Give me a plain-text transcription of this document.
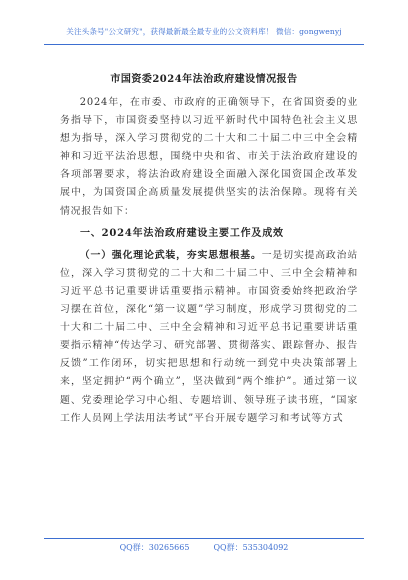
关注头条号"公文研究"，获得最新最全最专业的公文资料库！ 微信：gongwenyj
市国资委2024年法治政府建设情况报告

2024年，在市委、市政府的正确领导下，在省国资委的业务指导下，市国资委坚持以习近平新时代中国特色社会主义思想为指导，深入学习贯彻党的二十大和二十届二中三中全会精神和习近平法治思想，围绕中央和省、市关于法治政府建设的各项部署要求，将法治政府建设全面融入深化国资国企改革发展中，为国资国企高质量发展提供坚实的法治保障。现将有关情况报告如下：

一、2024年法治政府建设主要工作及成效

（一）强化理论武装，夯实思想根基。一是切实提高政治站位，深入学习贯彻党的二十大和二十届二中、三中全会精神和习近平总书记重要讲话重要指示精神。市国资委始终把政治学习摆在首位，深化“第一议题”学习制度，形成学习贯彻党的二十大和二十届二中、三中全会精神和习近平总书记重要讲话重要指示精神“传达学习、研究部署、贯彻落实、跟踪督办、报告反馈”工作闭环，切实把思想和行动统一到党中央决策部署上来，坚定拥护“两个确立”，坚决做到“两个维护”。通过第一议题、党委理论学习中心组、专题培训、领导班子读书班，“国家工作人员网上学法用法考试”平台开展专题学习和考试等方式

QQ群：30265665	QQ群：535304092
